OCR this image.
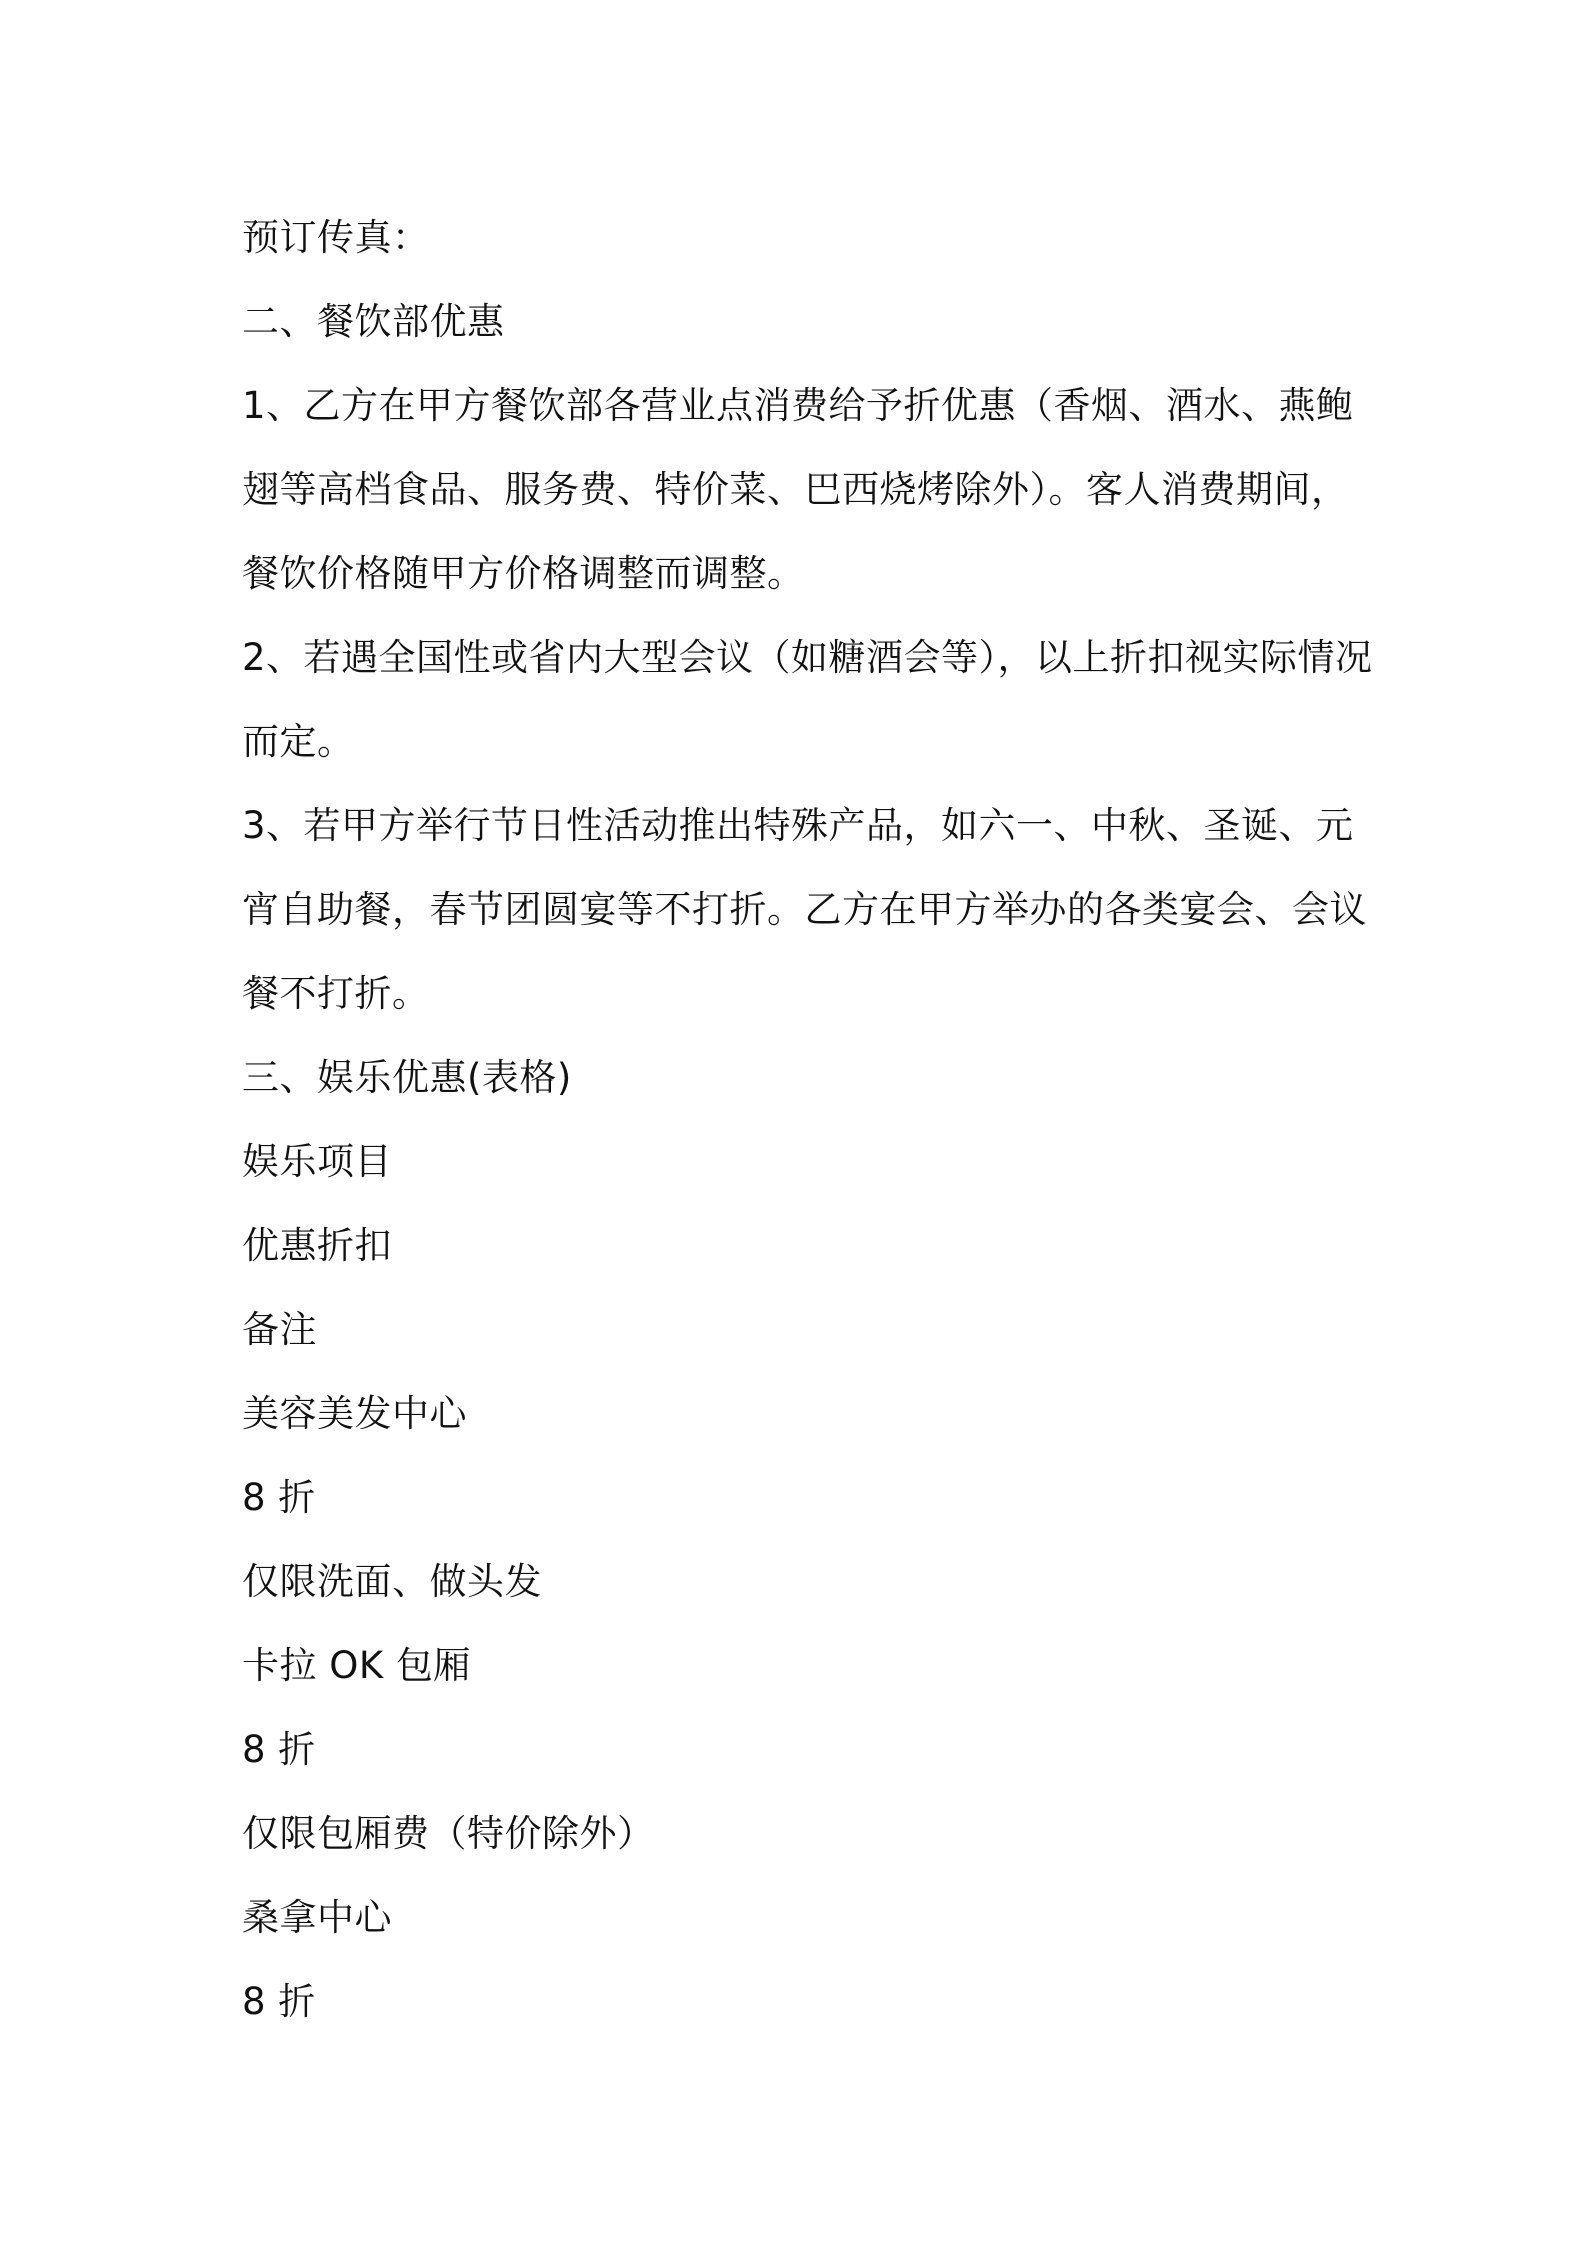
预订传真：
二、餐饮部优惠
1、乙方在甲方餐饮部各营业点消费给予折优惠（香烟、酒水、燕鲍
翅等高档食品、服务费、特价菜、巴西烧烤除外）。客人消费期间，
餐饮价格随甲方价格调整而调整。
2、若遇全国性或省内大型会议（如糖酒会等），以上折扣视实际情况
而定。
3、若甲方举行节日性活动推出特殊产品，如六一、中秋、圣诞、元
宵自助餐，春节团圆宴等不打折。乙方在甲方举办的各类宴会、会议
餐不打折。
三、娱乐优惠(表格)
娱乐项目
优惠折扣
备注
美容美发中心
8 折
仅限洗面、做头发
卡拉 OK 包厢
8 折
仅限包厢费（特价除外）
桑拿中心
8 折
